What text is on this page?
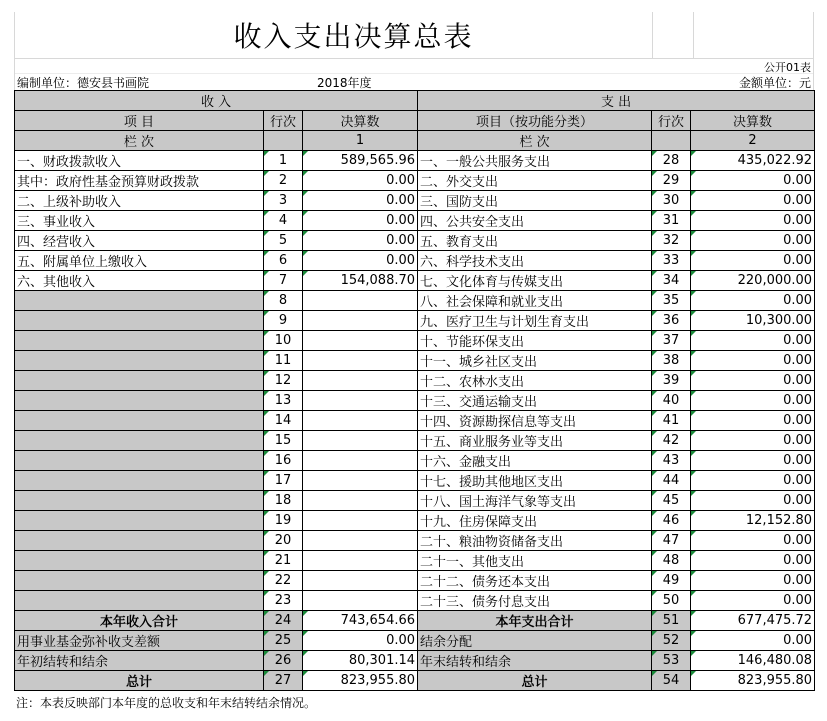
收入支出决算总表
公开01表
编制单位：德安县书画院	2018年度	金额单位：元
收 入			支 出		
项 目	行次	决算数	项目（按功能分类）	行次	决算数
栏 次		1	栏 次		2
一、财政拨款收入	1	589,565.96	一、一般公共服务支出	28	435,022.92
其中：政府性基金预算财政拨款	2	0.00	二、外交支出	29	0.00
二、上级补助收入	3	0.00	三、国防支出	30	0.00
三、事业收入	4	0.00	四、公共安全支出	31	0.00
四、经营收入	5	0.00	五、教育支出	32	0.00
五、附属单位上缴收入	6	0.00	六、科学技术支出	33	0.00
六、其他收入	7	154,088.70	七、文化体育与传媒支出	34	220,000.00
	8		八、社会保障和就业支出	35	0.00
	9		九、医疗卫生与计划生育支出	36	10,300.00
	10		十、节能环保支出	37	0.00
	11		十一、城乡社区支出	38	0.00
	12		十二、农林水支出	39	0.00
	13		十三、交通运输支出	40	0.00
	14		十四、资源勘探信息等支出	41	0.00
	15		十五、商业服务业等支出	42	0.00
	16		十六、金融支出	43	0.00
	17		十七、援助其他地区支出	44	0.00
	18		十八、国土海洋气象等支出	45	0.00
	19		十九、住房保障支出	46	12,152.80
	20		二十、粮油物资储备支出	47	0.00
	21		二十一、其他支出	48	0.00
	22		二十二、债务还本支出	49	0.00
	23		二十三、债务付息支出	50	0.00
本年收入合计	24	743,654.66	本年支出合计	51	677,475.72
用事业基金弥补收支差额	25	0.00	结余分配	52	0.00
年初结转和结余	26	80,301.14	年末结转和结余	53	146,480.08
总计	27	823,955.80	总计	54	823,955.80
注：本表反映部门本年度的总收支和年末结转结余情况。
